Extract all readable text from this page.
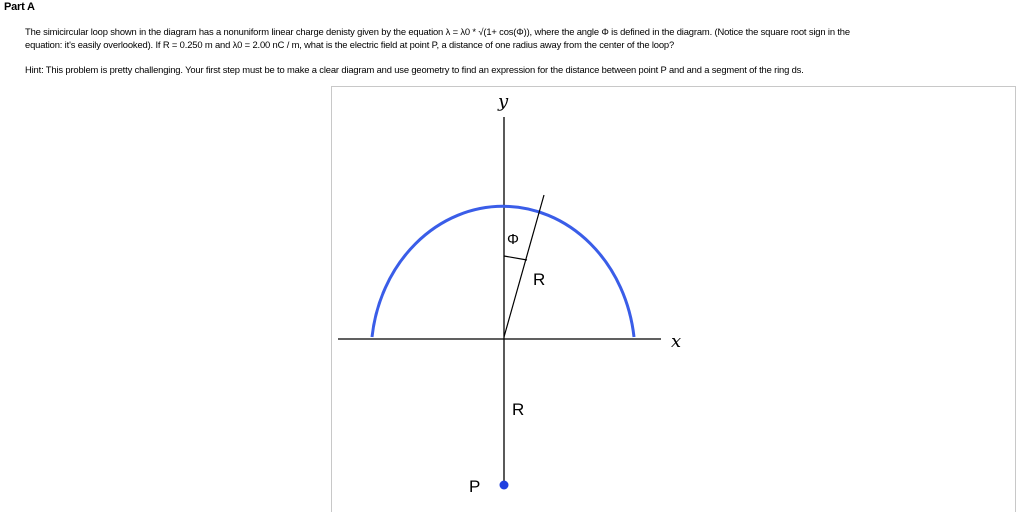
Part A
The simicircular loop shown in the diagram has a nonuniform linear charge denisty given by the equation λ = λ0 * √(1+ cos(Φ)), where the angle Φ is defined in the diagram. (Notice the square root sign in the
equation: it's easily overlooked). If R = 0.250 m and λ0 = 2.00 nC / m, what is the electric field at point P, a distance of one radius away from the center of the loop?
Hint: This problem is pretty challenging. Your first step must be to make a clear diagram and use geometry to find an expression for the distance between point P and and a segment of the ring ds.
y
x
Φ
R
R
P
